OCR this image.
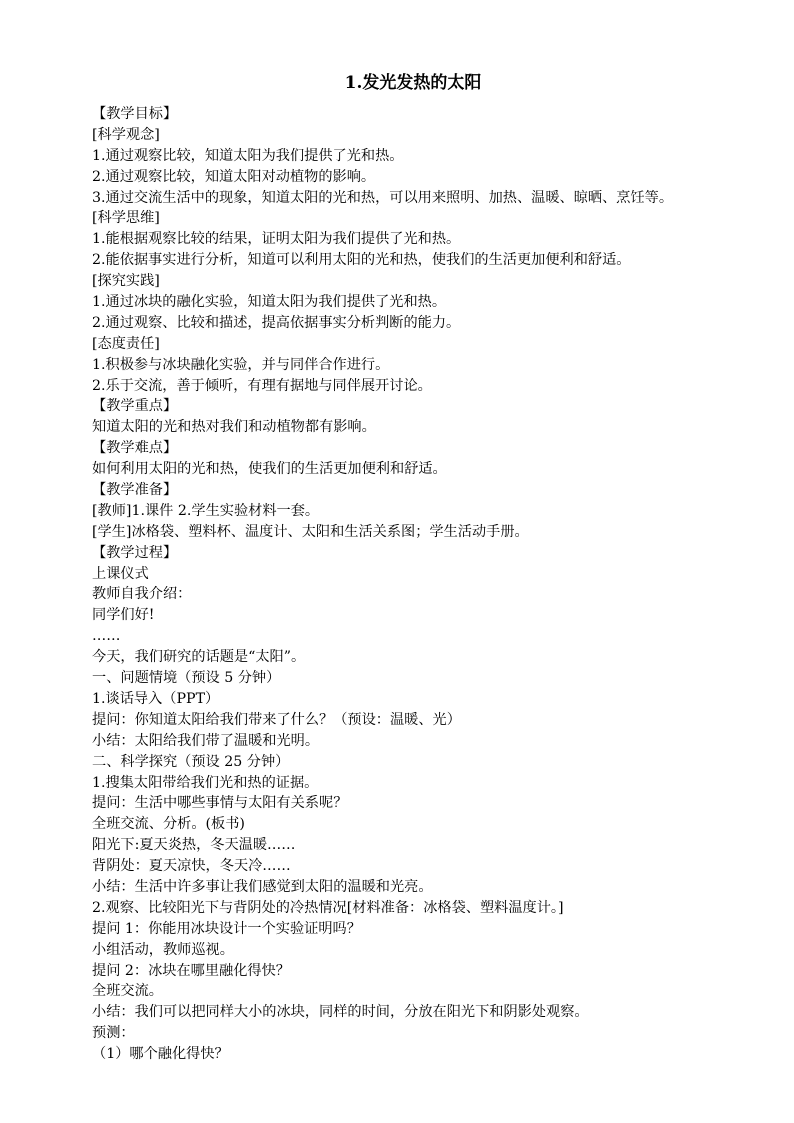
1.发光发热的太阳
【教学目标】
[科学观念]
1.通过观察比较，知道太阳为我们提供了光和热。
2.通过观察比较，知道太阳对动植物的影响。
3.通过交流生活中的现象，知道太阳的光和热，可以用来照明、加热、温暖、晾晒、烹饪等。
[科学思维]
1.能根据观察比较的结果，证明太阳为我们提供了光和热。
2.能依据事实进行分析，知道可以利用太阳的光和热，使我们的生活更加便利和舒适。
[探究实践]
1.通过冰块的融化实验，知道太阳为我们提供了光和热。
2.通过观察、比较和描述，提高依据事实分析判断的能力。
[态度责任]
1.积极参与冰块融化实验，并与同伴合作进行。
2.乐于交流，善于倾听，有理有据地与同伴展开讨论。
【教学重点】
知道太阳的光和热对我们和动植物都有影响。
【教学难点】
如何利用太阳的光和热，使我们的生活更加便利和舒适。
【教学准备】
[教师]1.课件 2.学生实验材料一套。
[学生]冰格袋、塑料杯、温度计、太阳和生活关系图；学生活动手册。
【教学过程】
上课仪式
教师自我介绍：
同学们好!
……
今天，我们研究的话题是“太阳”。
一、问题情境（预设 5 分钟）
1.谈话导入（PPT）
提问：你知道太阳给我们带来了什么？（预设：温暖、光）
小结：太阳给我们带了温暖和光明。
二、科学探究（预设 25 分钟）
1.搜集太阳带给我们光和热的证据。
提问：生活中哪些事情与太阳有关系呢？
全班交流、分析。(板书)
阳光下:夏天炎热，冬天温暖……
背阴处：夏天凉快，冬天冷……
小结：生活中许多事让我们感觉到太阳的温暖和光亮。
2.观察、比较阳光下与背阴处的冷热情况[材料准备：冰格袋、塑料温度计。]
提问 1：你能用冰块设计一个实验证明吗？
小组活动，教师巡视。
提问 2：冰块在哪里融化得快？
全班交流。
小结：我们可以把同样大小的冰块，同样的时间，分放在阳光下和阴影处观察。
预测：
（1）哪个融化得快？
